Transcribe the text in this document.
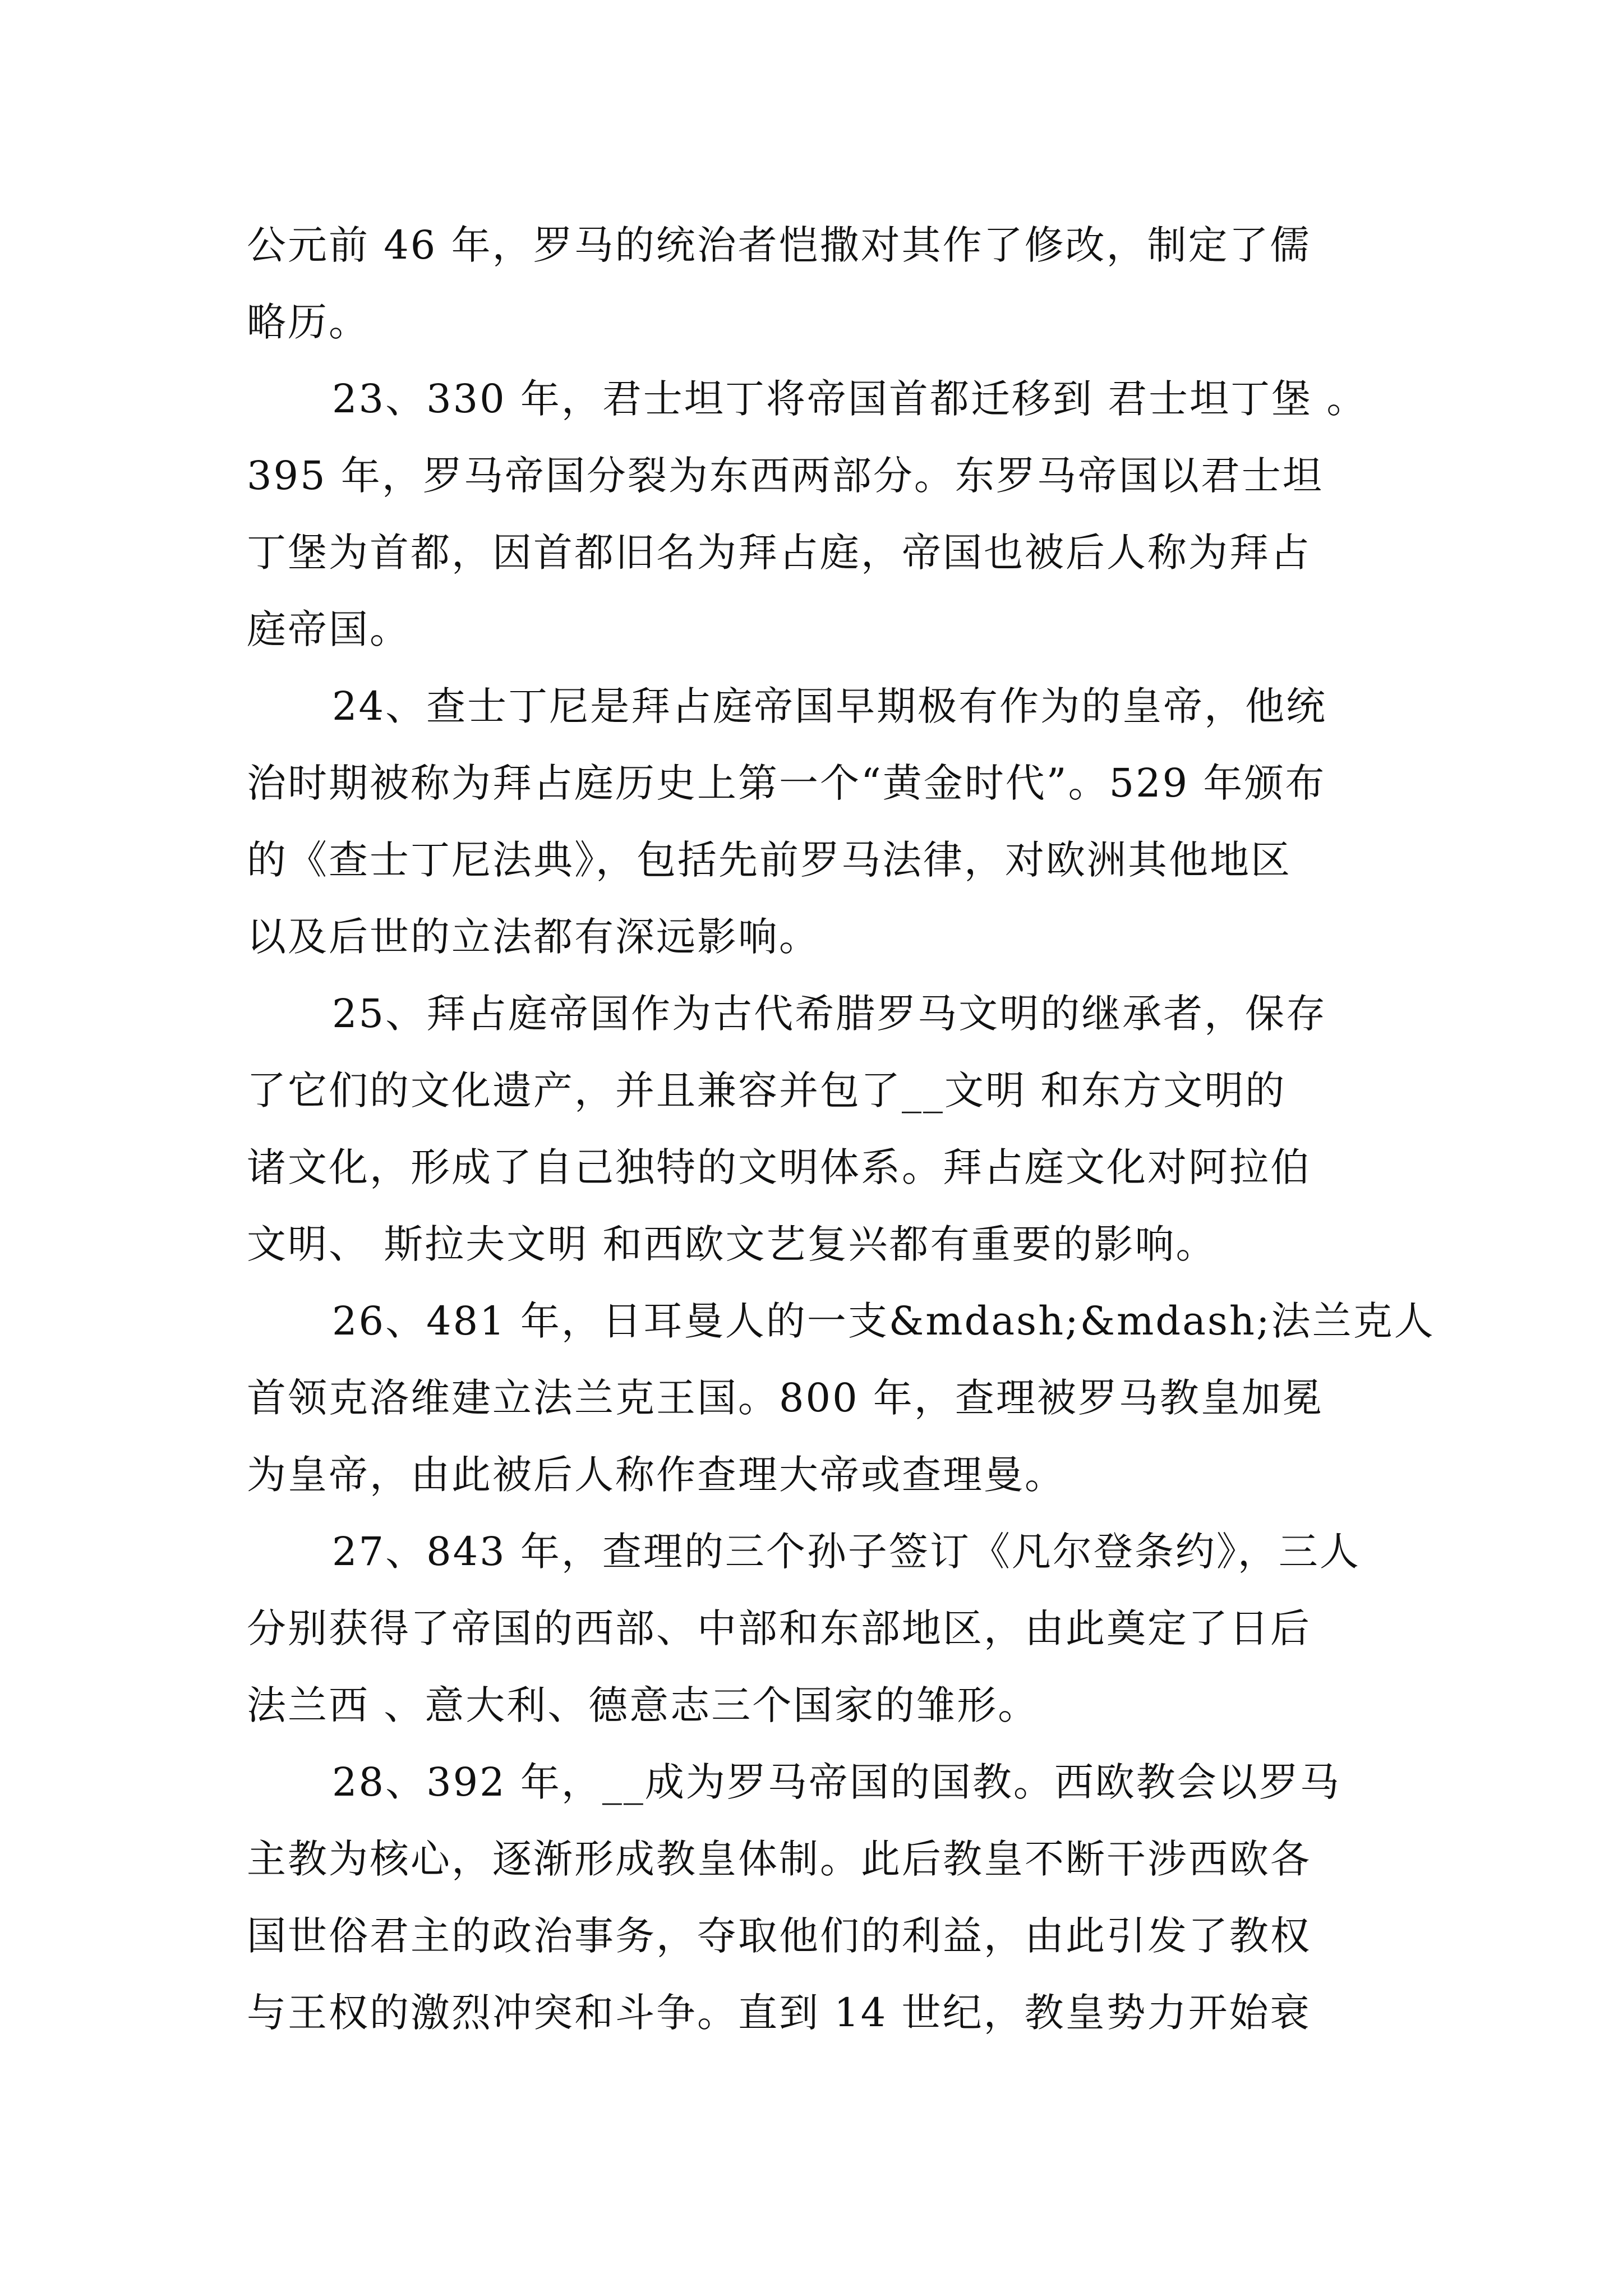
公元前 46 年，罗马的统治者恺撒对其作了修改，制定了儒
略历。
23、330 年，君士坦丁将帝国首都迁移到 君士坦丁堡 。
395 年，罗马帝国分裂为东西两部分。东罗马帝国以君士坦
丁堡为首都，因首都旧名为拜占庭，帝国也被后人称为拜占
庭帝国。
24、查士丁尼是拜占庭帝国早期极有作为的皇帝，他统
治时期被称为拜占庭历史上第一个“黄金时代”。529 年颁布
的《查士丁尼法典》，包括先前罗马法律，对欧洲其他地区
以及后世的立法都有深远影响。
25、拜占庭帝国作为古代希腊罗马文明的继承者，保存
了它们的文化遗产，并且兼容并包了__文明 和东方文明的
诸文化，形成了自己独特的文明体系。拜占庭文化对阿拉伯
文明、 斯拉夫文明 和西欧文艺复兴都有重要的影响。
26、481 年，日耳曼人的一支&mdash;&mdash;法兰克人
首领克洛维建立法兰克王国。800 年，查理被罗马教皇加冕
为皇帝，由此被后人称作查理大帝或查理曼。
27、843 年，查理的三个孙子签订《凡尔登条约》，三人
分别获得了帝国的西部、中部和东部地区，由此奠定了日后
法兰西 、意大利、德意志三个国家的雏形。
28、392 年，__成为罗马帝国的国教。西欧教会以罗马
主教为核心，逐渐形成教皇体制。此后教皇不断干涉西欧各
国世俗君主的政治事务，夺取他们的利益，由此引发了教权
与王权的激烈冲突和斗争。直到 14 世纪，教皇势力开始衰
